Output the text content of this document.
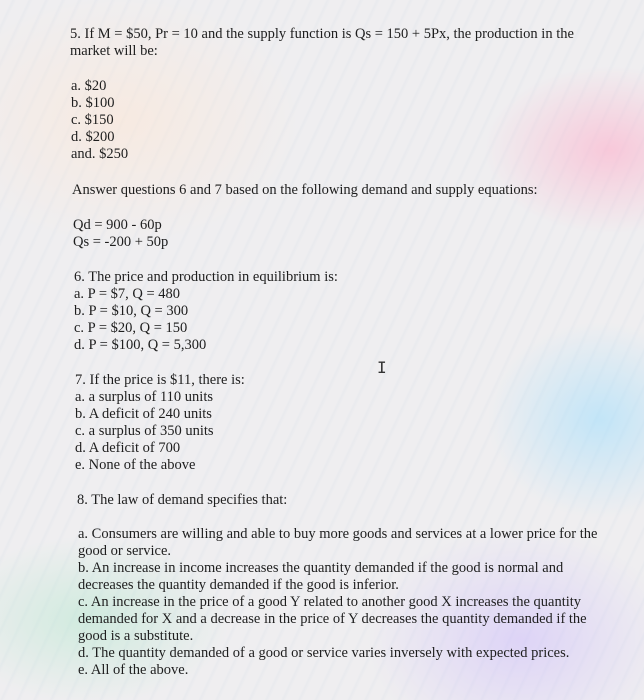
5. If M = $50, Pr = 10 and the supply function is Qs = 150 + 5Px, the production in the
market will be:
a. $20
b. $100
c. $150
d. $200
and. $250
Answer questions 6 and 7 based on the following demand and supply equations:
Qd = 900 - 60p
Qs = -200 + 50p
6. The price and production in equilibrium is:
a. P = $7, Q = 480
b. P = $10, Q = 300
c. P = $20, Q = 150
d. P = $100, Q = 5,300
I
7. If the price is $11, there is:
a. a surplus of 110 units
b. A deficit of 240 units
c. a surplus of 350 units
d. A deficit of 700
e. None of the above
8. The law of demand specifies that:
a. Consumers are willing and able to buy more goods and services at a lower price for the
good or service.
b. An increase in income increases the quantity demanded if the good is normal and
decreases the quantity demanded if the good is inferior.
c. An increase in the price of a good Y related to another good X increases the quantity
demanded for X and a decrease in the price of Y decreases the quantity demanded if the
good is a substitute.
d. The quantity demanded of a good or service varies inversely with expected prices.
e. All of the above.
